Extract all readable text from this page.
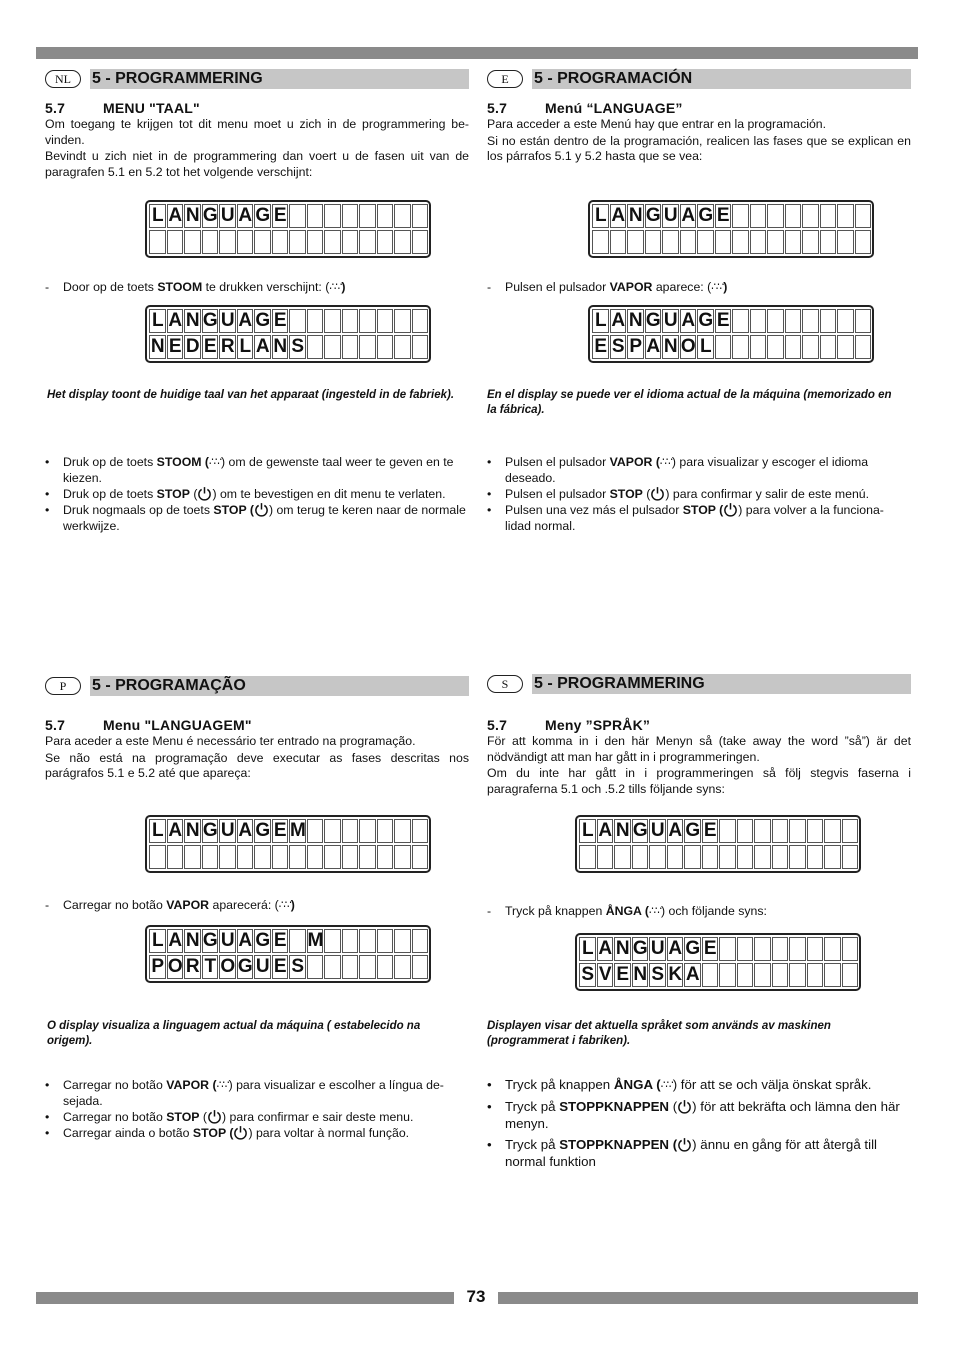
73
NL	5 - PROGRAMMERING
5.7	MENU "TAAL"
Om toegang te krijgen tot dit menu moet u zich in de programmering be-vinden.
Bevindt u zich niet in de programmering dan voert u de fasen uit van de paragrafen 5.1 en 5.2 tot het volgende verschijnt:
L A N G U A G E
- Door op de toets STOOM te drukken verschijnt: (∴∵)
L A N G U A G E
N E D E R L A N S
Het display toont de huidige taal van het apparaat (ingesteld in de fabriek).
• Druk op de toets STOOM (∴∵) om de gewenste taal weer te geven en te kiezen.
• Druk op de toets STOP ( ) om te bevestigen en dit menu te verlaten.
• Druk nogmaals op de toets STOP ( ) om terug te keren naar de normale werkwijze.
E	5 - PROGRAMACIÓN
5.7	Menú “LANGUAGE”
Para acceder a este Menú hay que entrar en la programación.
Si no están dentro de la programación, realicen las fases que se explican en los párrafos 5.1 y 5.2 hasta que se vea:
L A N G U A G E
- Pulsen el pulsador VAPOR aparece: (∴∵)
L A N G U A G E
E S P A N O L
En el display se puede ver el idioma actual de la máquina (memorizado en la fábrica).
• Pulsen el pulsador VAPOR (∴∵) para visualizar y escoger el idioma deseado.
• Pulsen el pulsador STOP ( ) para confirmar y salir de este menú.
• Pulsen una vez más el pulsador STOP ( ) para volver a la funciona-lidad normal.
P	5 - PROGRAMAÇÃO
5.7	Menu "LANGUAGEM"
Para aceder a este Menu é necessário ter entrado na programação.
Se não está na programação deve executar as fases descritas nos parágrafos 5.1 e 5.2 até que apareça:
L A N G U A G E M
- Carregar no botão VAPOR aparecerá: (∴∵)
L A N G U A G E M
P O R T O G U E S
O display visualiza a linguagem actual da máquina ( estabelecido na origem).
• Carregar no botão VAPOR (∴∵) para visualizar e escolher a língua de-sejada.
• Carregar no botão STOP ( ) para confirmar e sair deste menu.
• Carregar ainda o botão STOP ( ) para voltar à normal função.
S	5 - PROGRAMMERING
5.7	Meny ”SPRÅK”
För att komma in i den här Menyn så (take away the word ”så”) är det nödvändigt att man har gått in i programmeringen.
Om du inte har gått in i programmeringen så följ stegvis faserna i paragraferna 5.1 och .5.2 tills följande syns:
L A N G U A G E
- Tryck på knappen ÅNGA (∴∵) och följande syns:
L A N G U A G E
S V E N S K A
Displayen visar det aktuella språket som används av maskinen (programmerat i fabriken).
• Tryck på knappen ÅNGA (∴∵) för att se och välja önskat språk.
• Tryck på STOPPKNAPPEN ( ) för att bekräfta och lämna den här menyn.
• Tryck på STOPPKNAPPEN ( ) ännu en gång för att återgå till normal funktion
